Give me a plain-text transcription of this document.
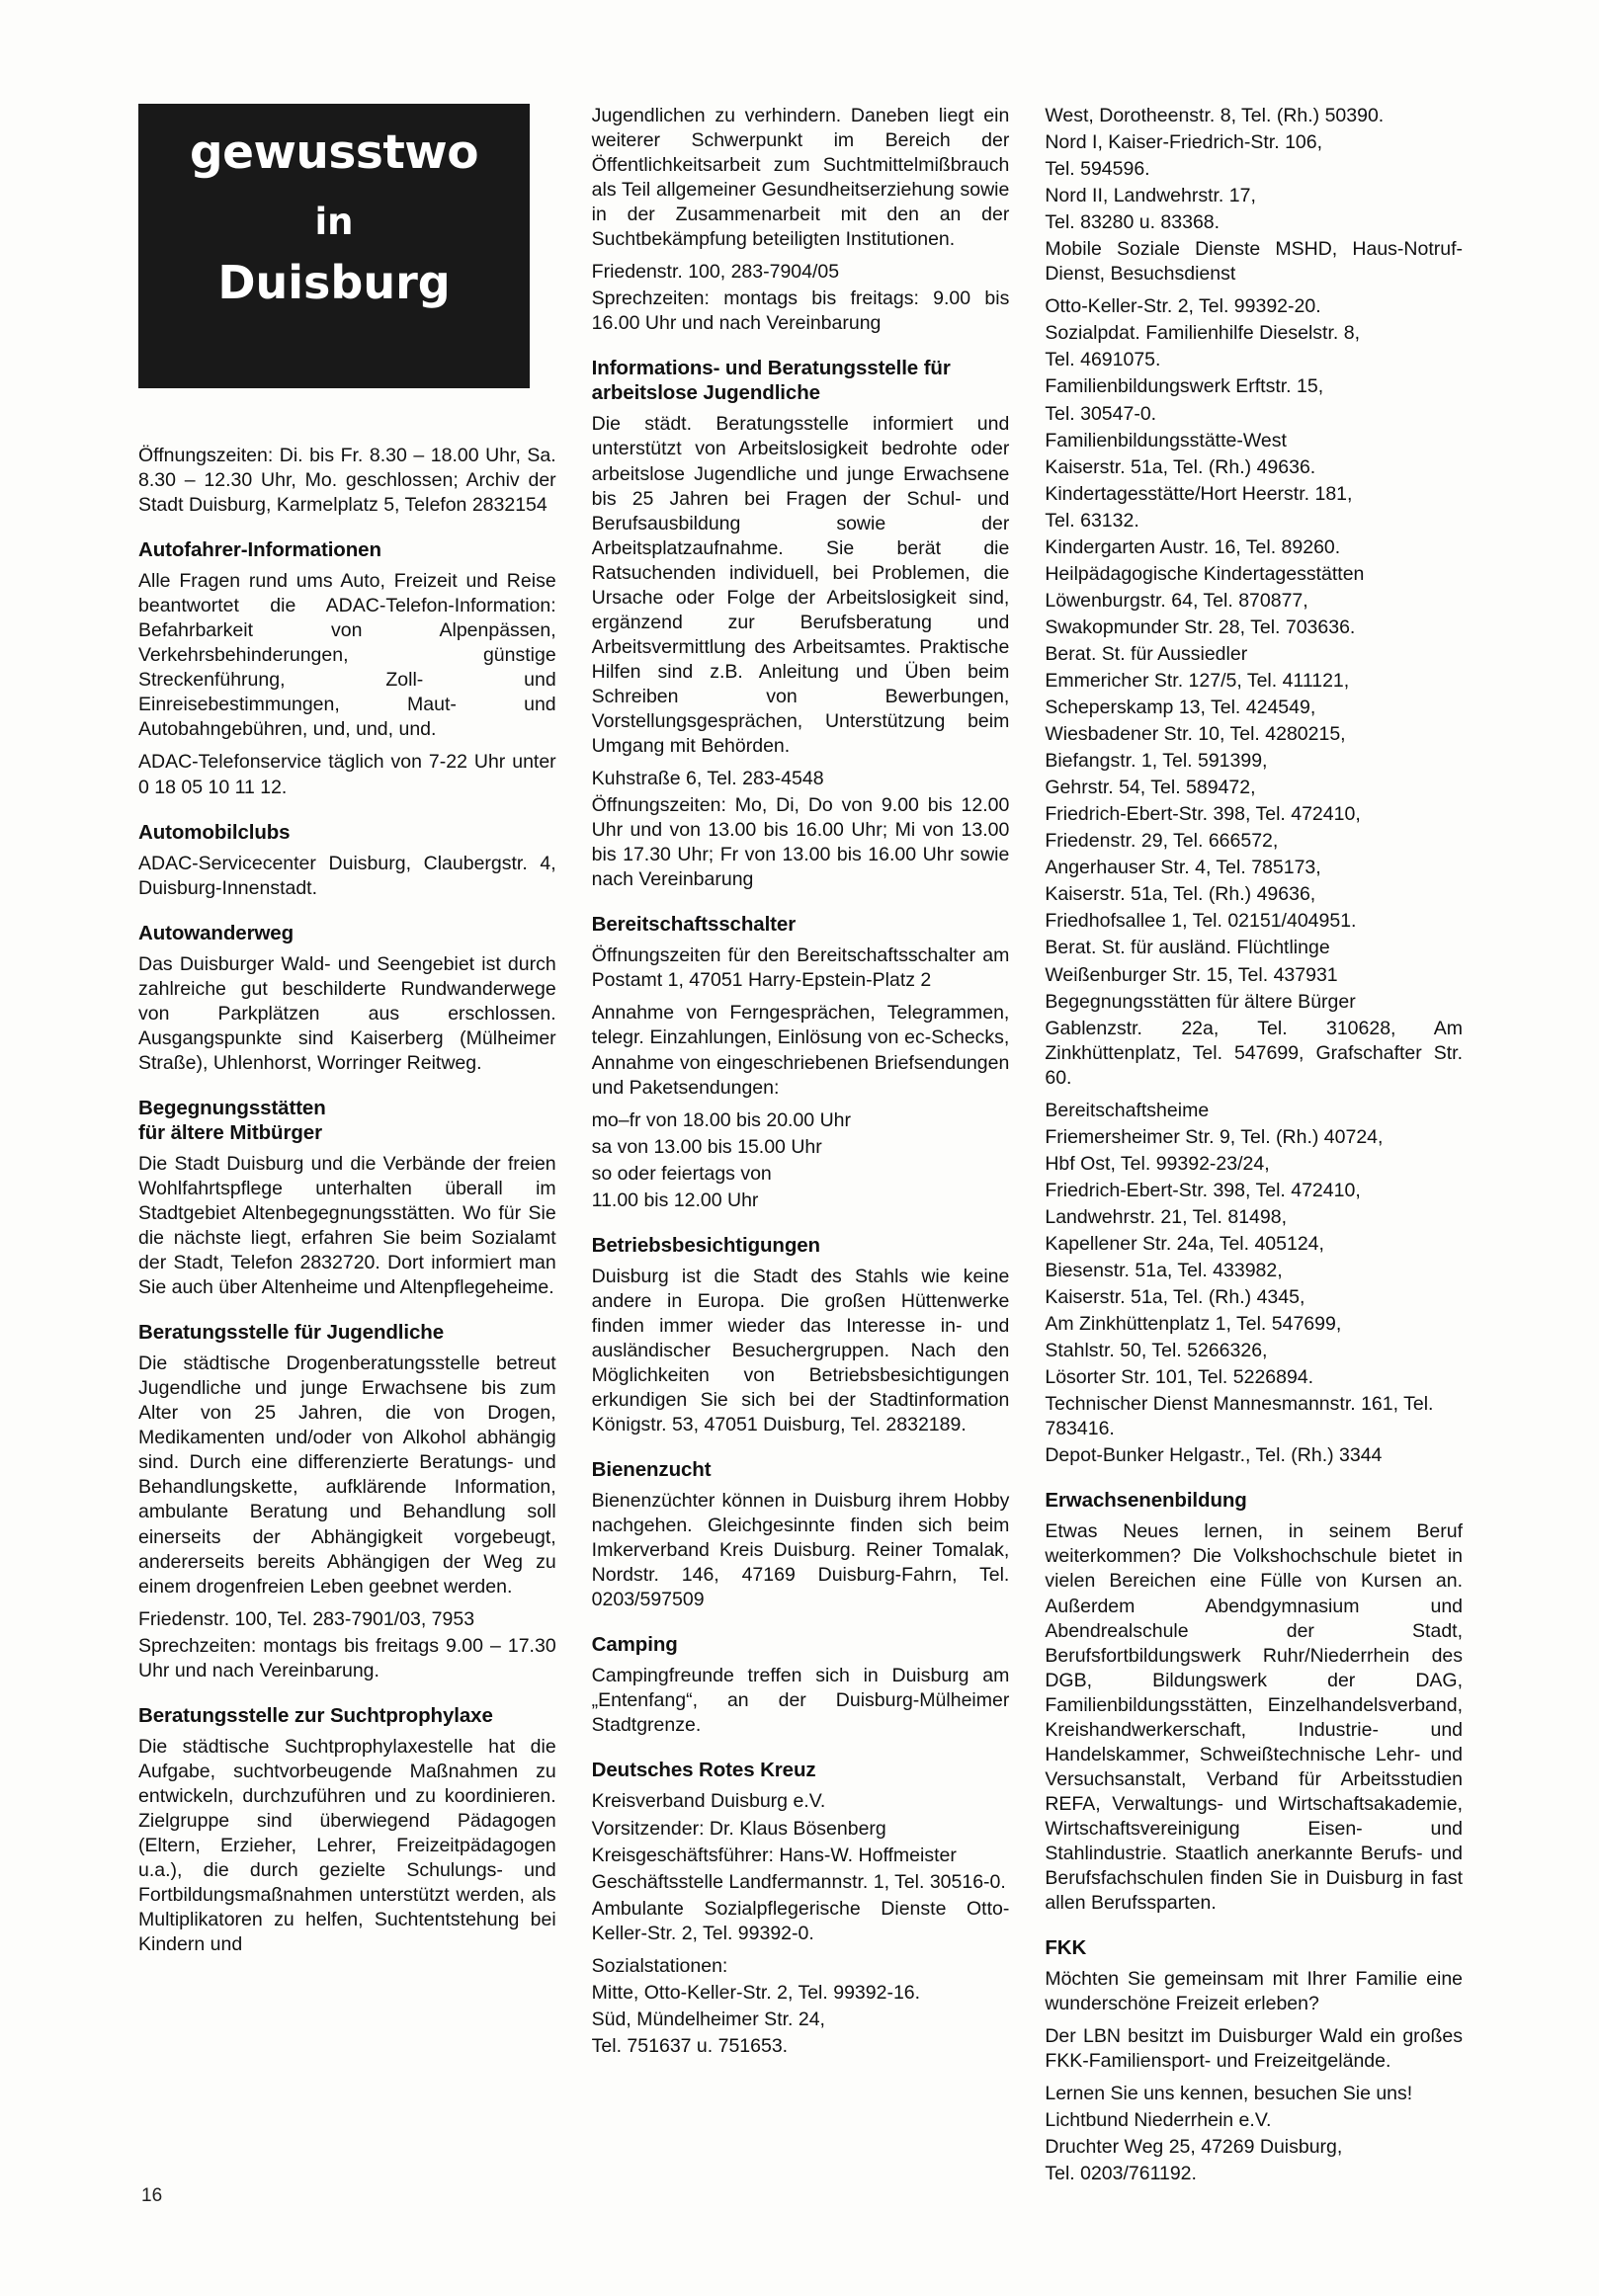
gewusstwo
in
Duisburg

Öffnungszeiten: Di. bis Fr. 8.30 – 18.00 Uhr, Sa. 8.30 – 12.30 Uhr, Mo. geschlossen; Archiv der Stadt Duisburg, Karmelplatz 5, Telefon 2832154

Autofahrer-Informationen

Alle Fragen rund ums Auto, Freizeit und Reise beantwortet die ADAC-Telefon-Information: Befahrbarkeit von Alpenpässen, Verkehrsbehinderungen, günstige Streckenführung, Zoll- und Einreisebestimmungen, Maut- und Autobahngebühren, und, und, und.

ADAC-Telefonservice täglich von 7-22 Uhr unter 0 18 05 10 11 12.

Automobilclubs

ADAC-Servicecenter Duisburg, Claubergstr. 4, Duisburg-Innenstadt.

Autowanderweg

Das Duisburger Wald- und Seengebiet ist durch zahlreiche gut beschilderte Rundwanderwege von Parkplätzen aus erschlossen. Ausgangspunkte sind Kaiserberg (Mülheimer Straße), Uhlenhorst, Worringer Reitweg.

Begegnungsstätten
für ältere Mitbürger

Die Stadt Duisburg und die Verbände der freien Wohlfahrtspflege unterhalten überall im Stadtgebiet Altenbegegnungsstätten. Wo für Sie die nächste liegt, erfahren Sie beim Sozialamt der Stadt, Telefon 2832720. Dort informiert man Sie auch über Altenheime und Altenpflegeheime.

Beratungsstelle für Jugendliche

Die städtische Drogenberatungsstelle betreut Jugendliche und junge Erwachsene bis zum Alter von 25 Jahren, die von Drogen, Medikamenten und/oder von Alkohol abhängig sind. Durch eine differenzierte Beratungs- und Behandlungskette, aufklärende Information, ambulante Beratung und Behandlung soll einerseits der Abhängigkeit vorgebeugt, andererseits bereits Abhängigen der Weg zu einem drogenfreien Leben geebnet werden.

Friedenstr. 100, Tel. 283-7901/03, 7953

Sprechzeiten: montags bis freitags 9.00 – 17.30 Uhr und nach Vereinbarung.

Beratungsstelle zur Suchtprophylaxe

Die städtische Suchtprophylaxestelle hat die Aufgabe, suchtvorbeugende Maßnahmen zu entwickeln, durchzuführen und zu koordinieren. Zielgruppe sind überwiegend Pädagogen (Eltern, Erzieher, Lehrer, Freizeitpädagogen u.a.), die durch gezielte Schulungs- und Fortbildungsmaßnahmen unterstützt werden, als Multiplikatoren zu helfen, Suchtentstehung bei Kindern und

Jugendlichen zu verhindern. Daneben liegt ein weiterer Schwerpunkt im Bereich der Öffentlichkeitsarbeit zum Suchtmittelmißbrauch als Teil allgemeiner Gesundheitserziehung sowie in der Zusammenarbeit mit den an der Suchtbekämpfung beteiligten Institutionen.

Friedenstr. 100, 283-7904/05

Sprechzeiten: montags bis freitags: 9.00 bis 16.00 Uhr und nach Vereinbarung

Informations- und Beratungsstelle für arbeitslose Jugendliche

Die städt. Beratungsstelle informiert und unterstützt von Arbeitslosigkeit bedrohte oder arbeitslose Jugendliche und junge Erwachsene bis 25 Jahren bei Fragen der Schul- und Berufsausbildung sowie der Arbeitsplatzaufnahme. Sie berät die Ratsuchenden individuell, bei Problemen, die Ursache oder Folge der Arbeitslosigkeit sind, ergänzend zur Berufsberatung und Arbeitsvermittlung des Arbeitsamtes. Praktische Hilfen sind z.B. Anleitung und Üben beim Schreiben von Bewerbungen, Vorstellungsgesprächen, Unterstützung beim Umgang mit Behörden.

Kuhstraße 6, Tel. 283-4548

Öffnungszeiten: Mo, Di, Do von 9.00 bis 12.00 Uhr und von 13.00 bis 16.00 Uhr; Mi von 13.00 bis 17.30 Uhr; Fr von 13.00 bis 16.00 Uhr sowie nach Vereinbarung

Bereitschaftsschalter

Öffnungszeiten für den Bereitschaftsschalter am Postamt 1, 47051 Harry-Epstein-Platz 2

Annahme von Ferngesprächen, Telegrammen, telegr. Einzahlungen, Einlösung von ec-Schecks, Annahme von eingeschriebenen Briefsendungen und Paketsendungen:

mo–fr von 18.00 bis 20.00 Uhr

sa von 13.00 bis 15.00 Uhr

so oder feiertags von

11.00 bis 12.00 Uhr

Betriebsbesichtigungen

Duisburg ist die Stadt des Stahls wie keine andere in Europa. Die großen Hüttenwerke finden immer wieder das Interesse in- und ausländischer Besuchergruppen. Nach den Möglichkeiten von Betriebsbesichtigungen erkundigen Sie sich bei der Stadtinformation Königstr. 53, 47051 Duisburg, Tel. 2832189.

Bienenzucht

Bienenzüchter können in Duisburg ihrem Hobby nachgehen. Gleichgesinnte finden sich beim Imkerverband Kreis Duisburg. Reiner Tomalak, Nordstr. 146, 47169 Duisburg-Fahrn, Tel. 0203/597509

Camping

Campingfreunde treffen sich in Duisburg am „Entenfang“, an der Duisburg-Mülheimer Stadtgrenze.

Deutsches Rotes Kreuz

Kreisverband Duisburg e.V.

Vorsitzender: Dr. Klaus Bösenberg

Kreisgeschäftsführer: Hans-W. Hoffmeister

Geschäftsstelle Landfermannstr. 1, Tel. 30516-0.

Ambulante Sozialpflegerische Dienste Otto-Keller-Str. 2, Tel. 99392-0.

Sozialstationen:

Mitte, Otto-Keller-Str. 2, Tel. 99392-16.

Süd, Mündelheimer Str. 24,

Tel. 751637 u. 751653.

West, Dorotheenstr. 8, Tel. (Rh.) 50390.

Nord I, Kaiser-Friedrich-Str. 106,

Tel. 594596.

Nord II, Landwehrstr. 17,

Tel. 83280 u. 83368.

Mobile Soziale Dienste MSHD, Haus-Notruf-Dienst, Besuchsdienst

Otto-Keller-Str. 2, Tel. 99392-20.

Sozialpdat. Familienhilfe Dieselstr. 8,

Tel. 4691075.

Familienbildungswerk Erftstr. 15,

Tel. 30547-0.

Familienbildungsstätte-West

Kaiserstr. 51a, Tel. (Rh.) 49636.

Kindertagesstätte/Hort Heerstr. 181,

Tel. 63132.

Kindergarten Austr. 16, Tel. 89260.

Heilpädagogische Kindertagesstätten

Löwenburgstr. 64, Tel. 870877,

Swakopmunder Str. 28, Tel. 703636.

Berat. St. für Aussiedler

Emmericher Str. 127/5, Tel. 411121,

Scheperskamp 13, Tel. 424549,

Wiesbadener Str. 10, Tel. 4280215,

Biefangstr. 1, Tel. 591399,

Gehrstr. 54, Tel. 589472,

Friedrich-Ebert-Str. 398, Tel. 472410,

Friedenstr. 29, Tel. 666572,

Angerhauser Str. 4, Tel. 785173,

Kaiserstr. 51a, Tel. (Rh.) 49636,

Friedhofsallee 1, Tel. 02151/404951.

Berat. St. für ausländ. Flüchtlinge

Weißenburger Str. 15, Tel. 437931

Begegnungsstätten für ältere Bürger

Gablenzstr. 22a, Tel. 310628, Am Zinkhüttenplatz, Tel. 547699, Grafschafter Str. 60.

Bereitschaftsheime

Friemersheimer Str. 9, Tel. (Rh.) 40724,

Hbf Ost, Tel. 99392-23/24,

Friedrich-Ebert-Str. 398, Tel. 472410,

Landwehrstr. 21, Tel. 81498,

Kapellener Str. 24a, Tel. 405124,

Biesenstr. 51a, Tel. 433982,

Kaiserstr. 51a, Tel. (Rh.) 4345,

Am Zinkhüttenplatz 1, Tel. 547699,

Stahlstr. 50, Tel. 5266326,

Lösorter Str. 101, Tel. 5226894.

Technischer Dienst Mannesmannstr. 161, Tel. 783416.

Depot-Bunker Helgastr., Tel. (Rh.) 3344

Erwachsenenbildung

Etwas Neues lernen, in seinem Beruf weiterkommen? Die Volkshochschule bietet in vielen Bereichen eine Fülle von Kursen an. Außerdem Abendgymnasium und Abendrealschule der Stadt, Berufsfortbildungswerk Ruhr/Niederrhein des DGB, Bildungswerk der DAG, Familienbildungsstätten, Einzelhandelsverband, Kreishandwerkerschaft, Industrie- und Handelskammer, Schweißtechnische Lehr- und Versuchsanstalt, Verband für Arbeitsstudien REFA, Verwaltungs- und Wirtschaftsakademie, Wirtschaftsvereinigung Eisen- und Stahlindustrie. Staatlich anerkannte Berufs- und Berufsfachschulen finden Sie in Duisburg in fast allen Berufssparten.

FKK

Möchten Sie gemeinsam mit Ihrer Familie eine wunderschöne Freizeit erleben?

Der LBN besitzt im Duisburger Wald ein großes FKK-Familiensport- und Freizeitgelände.

Lernen Sie uns kennen, besuchen Sie uns!

Lichtbund Niederrhein e.V.

Druchter Weg 25, 47269 Duisburg,

Tel. 0203/761192.

16
